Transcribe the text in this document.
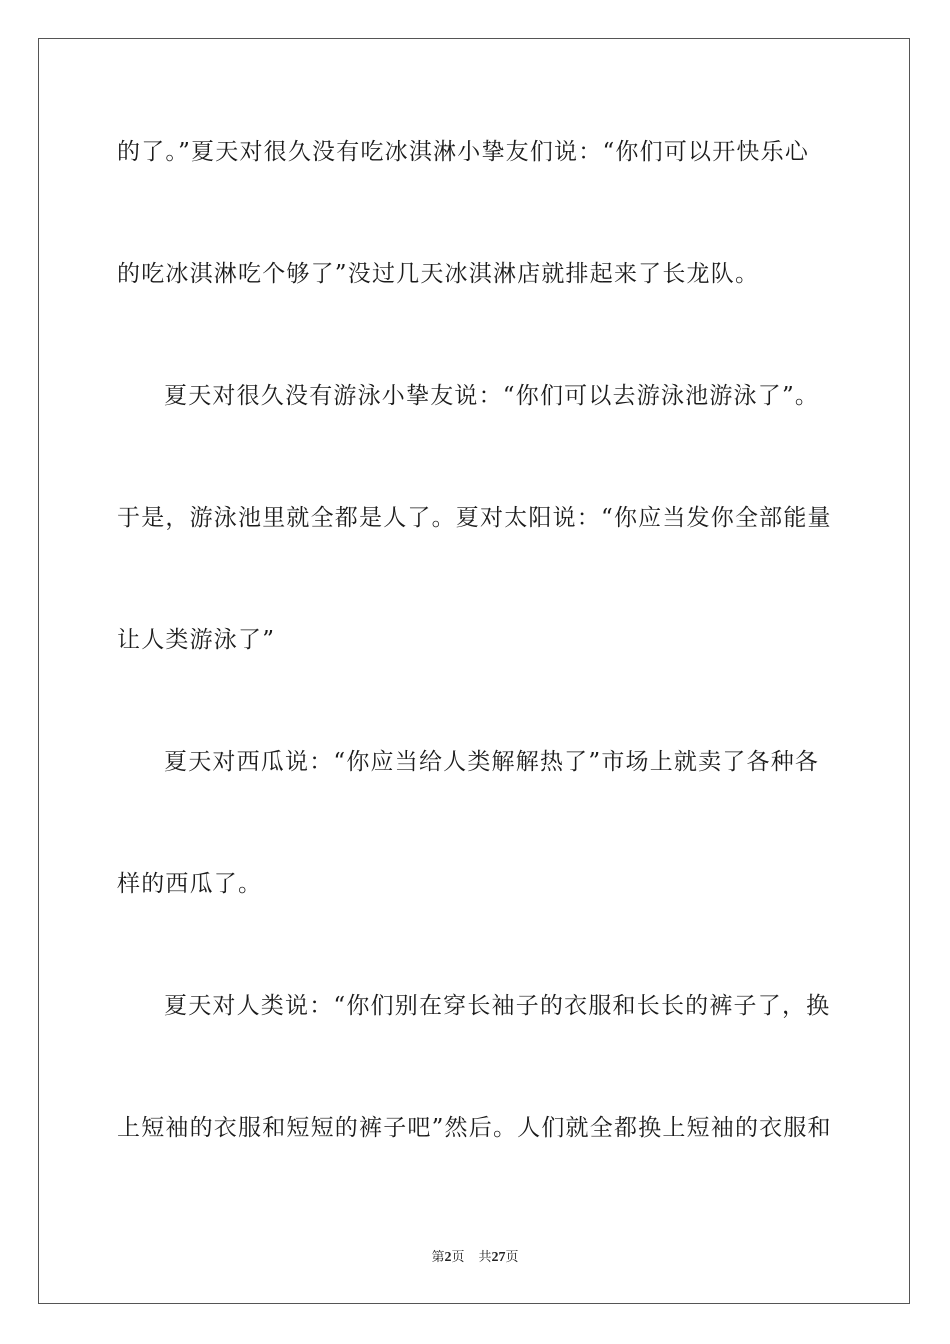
的了。”夏天对很久没有吃冰淇淋小挚友们说：“你们可以开快乐心
的吃冰淇淋吃个够了”没过几天冰淇淋店就排起来了长龙队。
夏天对很久没有游泳小挚友说：“你们可以去游泳池游泳了”。
于是，游泳池里就全都是人了。夏对太阳说：“你应当发你全部能量
让人类游泳了”
夏天对西瓜说：“你应当给人类解解热了”市场上就卖了各种各
样的西瓜了。
夏天对人类说：“你们别在穿长袖子的衣服和长长的裤子了，换
上短袖的衣服和短短的裤子吧”然后。人们就全都换上短袖的衣服和
第2页 共27页
